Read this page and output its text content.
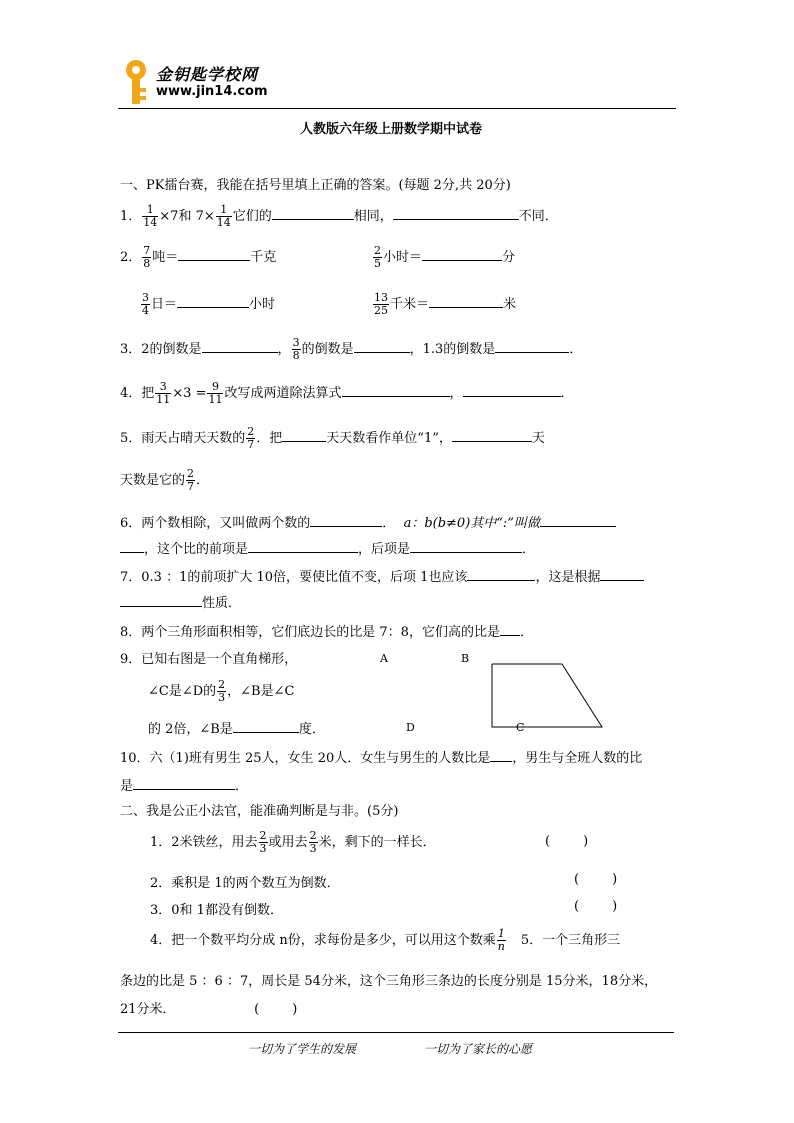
金钥匙学校网
www.jin14.com
人教版六年级上册数学期中试卷
一、PK擂台赛，我能在括号里填上正确的答案。(每题 2分,共 20分)
1． $\frac{1}{14} \times 7$和 $7\times \frac{1}{14}$ 它们的	相同，	不同．
2． $\frac{7}{8}$ 吨＝	千克	$\frac{2}{5}$ 小时＝	分
$\frac{3}{4}$ 日＝	小时	$\frac{13}{25}$ 千米＝	米
3．2的倒数是	， $\frac{3}{8}$ 的倒数是	，1.3的倒数是	．
4．把 $\frac{3}{11} \times 3 = \frac{9}{11}$ 改写成两道除法算式	，	．
5．雨天占晴天天数的 $\frac{2}{7}$ ．把	天天数看作单位“1”，	天
天数是它的 $\frac{2}{7}$ ．
6．两个数相除，又叫做两个数的	． a：b(b≠0)其中“:”叫做
，这个比的前项是	，后项是	．
7．0.3 ：1的前项扩大 10倍，要使比值不变，后项 1也应该	，这是根据
性质．
8．两个三角形面积相等，它们底边长的比是 7：8，它们高的比是 ．
9．已知右图是一个直角梯形，
∠C是∠D的 $\frac{2}{3}$ ，∠B是∠C
的 2倍，∠B是	度．
A	B
D	C
10．六（1)班有男生 25人，女生 20人．女生与男生的人数比是 ，男生与全班人数的比
是	．
二、我是公正小法官，能准确判断是与非。(5分)
1．2米铁丝，用去 $\frac{2}{3}$ 或用去 $\frac{2}{3}$ 米，剩下的一样长．	(        )
2．乘积是 1的两个数互为倒数．	(        )
3．0和 1都没有倒数．	(        )
4．把一个数平均分成 n份，求每份是多少，可以用这个数乘 $\frac{1}{n} 5$．一个三角形三
条边的比是 5 ：6 ：7，周长是 54分米，这个三角形三条边的长度分别是 15分米，18分米，
21分米．	(        )
一切为了学生的发展	一切为了家长的心愿
